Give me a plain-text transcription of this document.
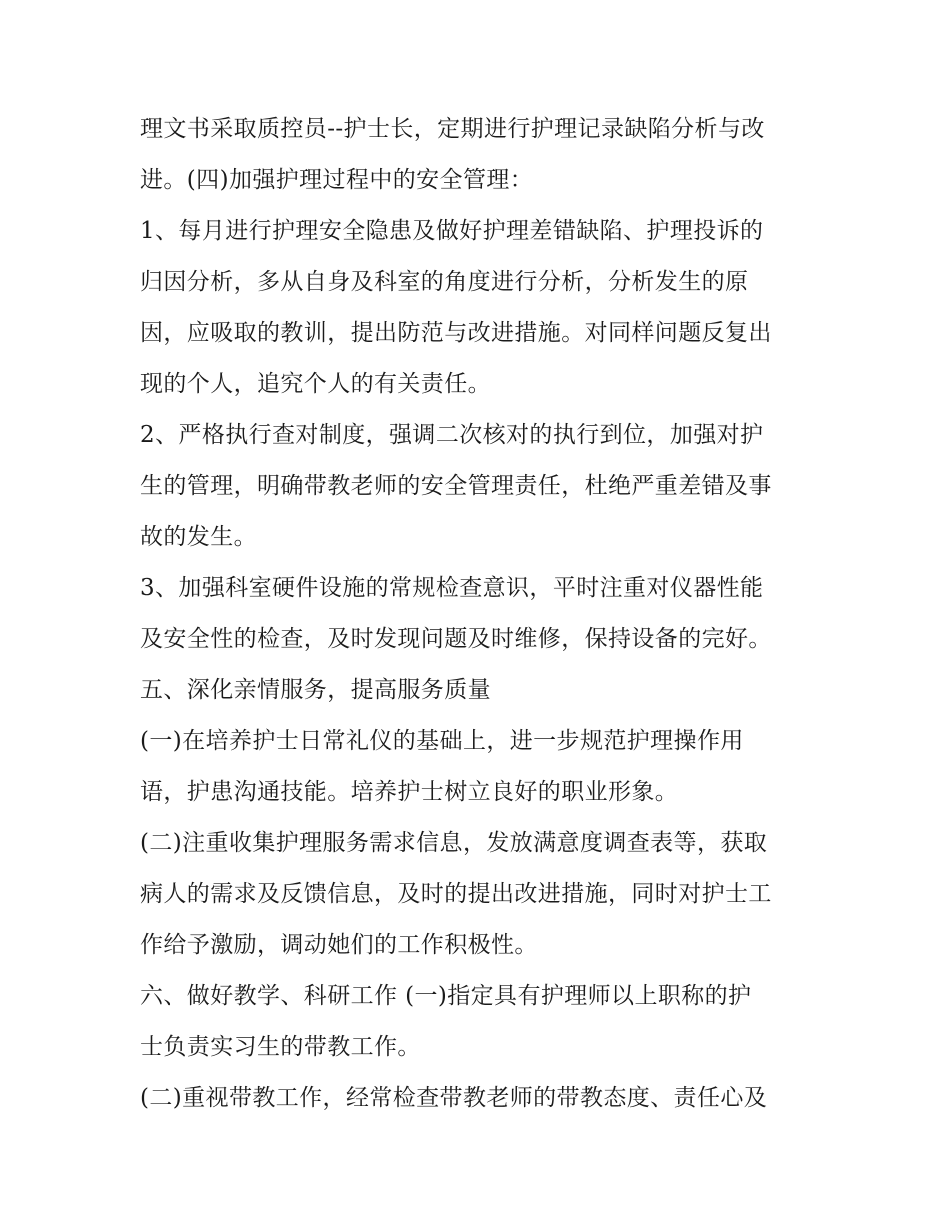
理文书采取质控员--护士长，定期进行护理记录缺陷分析与改
进。(四)加强护理过程中的安全管理：
1、每月进行护理安全隐患及做好护理差错缺陷、护理投诉的
归因分析，多从自身及科室的角度进行分析，分析发生的原
因，应吸取的教训，提出防范与改进措施。对同样问题反复出
现的个人，追究个人的有关责任。
2、严格执行查对制度，强调二次核对的执行到位，加强对护
生的管理，明确带教老师的安全管理责任，杜绝严重差错及事
故的发生。
3、加强科室硬件设施的常规检查意识，平时注重对仪器性能
及安全性的检查，及时发现问题及时维修，保持设备的完好。
五、深化亲情服务，提高服务质量
(一)在培养护士日常礼仪的基础上，进一步规范护理操作用
语，护患沟通技能。培养护士树立良好的职业形象。
(二)注重收集护理服务需求信息，发放满意度调查表等，获取
病人的需求及反馈信息，及时的提出改进措施，同时对护士工
作给予激励，调动她们的工作积极性。
六、做好教学、科研工作 (一)指定具有护理师以上职称的护
士负责实习生的带教工作。
(二)重视带教工作，经常检查带教老师的带教态度、责任心及
